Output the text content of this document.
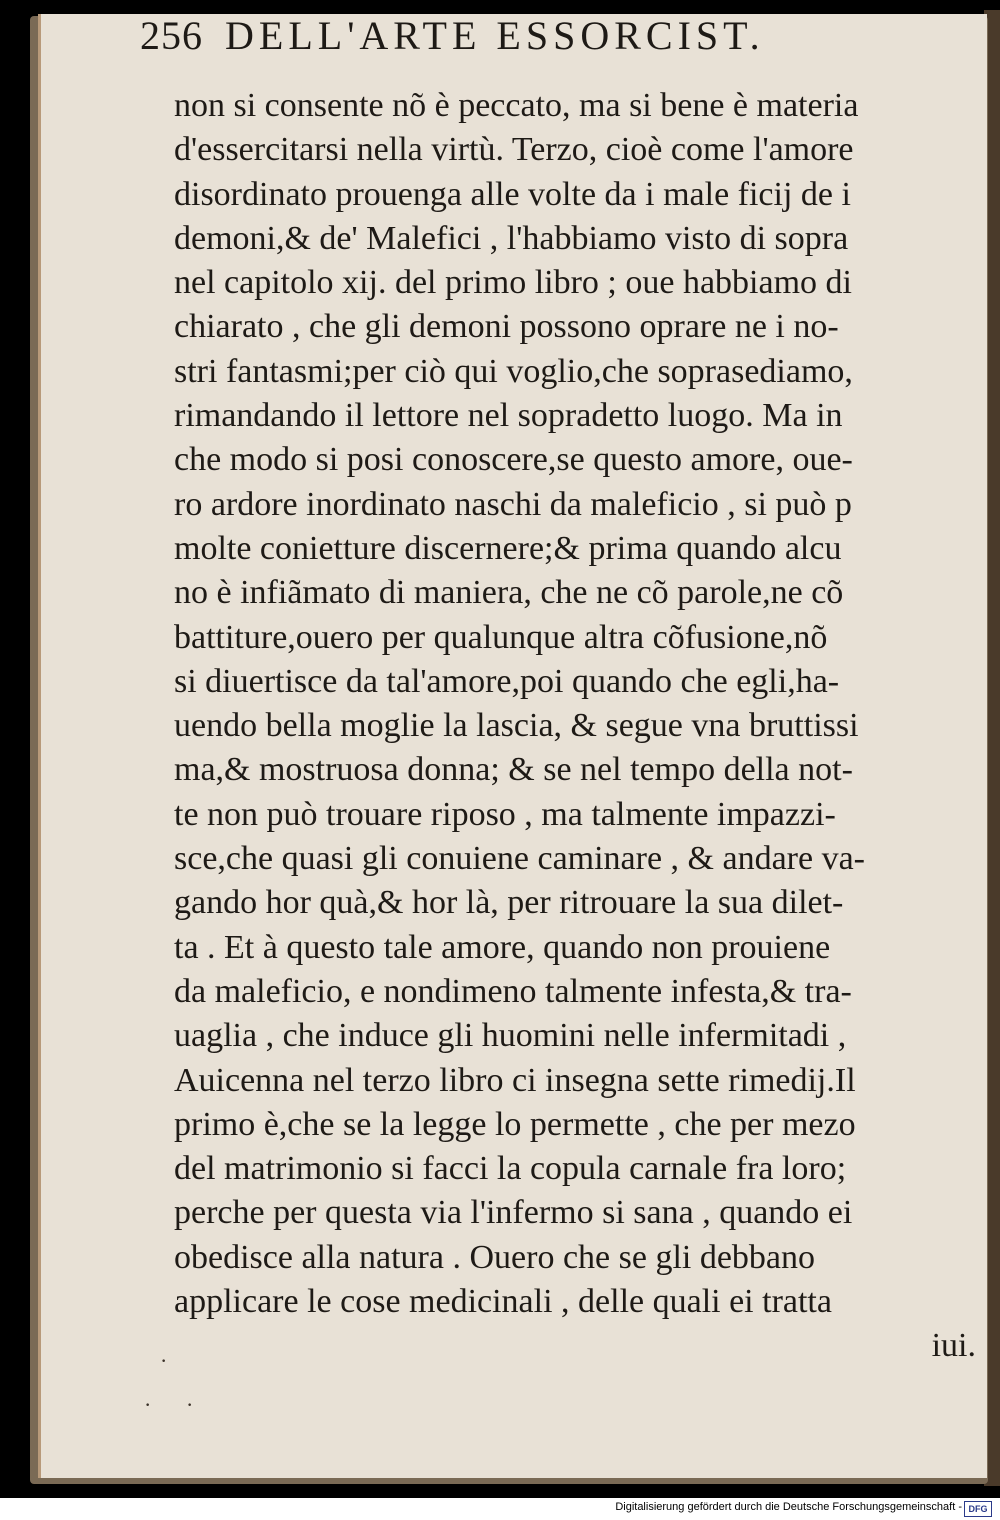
256 DELL'ARTE ESSORCIST.
non si consente nõ è peccato, ma si bene è materia
d'essercitarsi nella virtù. Terzo, cioè come l'amore
disordinato prouenga alle volte da i male ficij de i
demoni,& de' Malefici , l'habbiamo visto di sopra
nel capitolo xij. del primo libro ; oue habbiamo di
chiarato , che gli demoni possono oprare ne i no-
stri fantasmi;per ciò qui voglio,che soprasediamo,
rimandando il lettore nel sopradetto luogo. Ma in
che modo si posi conoscere,se questo amore, oue-
ro ardore inordinato naschi da maleficio , si può p
molte conietture discernere;& prima quando alcu
no è infiãmato di maniera, che ne cõ parole,ne cõ
battiture,ouero per qualunque altra cõfusione,nõ
si diuertisce da tal'amore,poi quando che egli,ha-
uendo bella moglie la lascia, & segue vna bruttissi
ma,& mostruosa donna; & se nel tempo della not-
te non può trouare riposo , ma talmente impazzi-
sce,che quasi gli conuiene caminare , & andare va-
gando hor quà,& hor là, per ritrouare la sua dilet-
ta . Et à questo tale amore, quando non prouiene
da maleficio, e nondimeno talmente infesta,& tra-
uaglia , che induce gli huomini nelle infermitadi ,
Auicenna nel terzo libro ci insegna sette rimedij.Il
primo è,che se la legge lo permette , che per mezo
del matrimonio si facci la copula carnale fra loro;
perche per questa via l'infermo si sana , quando ei
obedisce alla natura . Ouero che se gli debbano
applicare le cose medicinali , delle quali ei tratta
iui.
·
· ·
Digitalisierung gefördert durch die Deutsche Forschungsgemeinschaft - DFG
